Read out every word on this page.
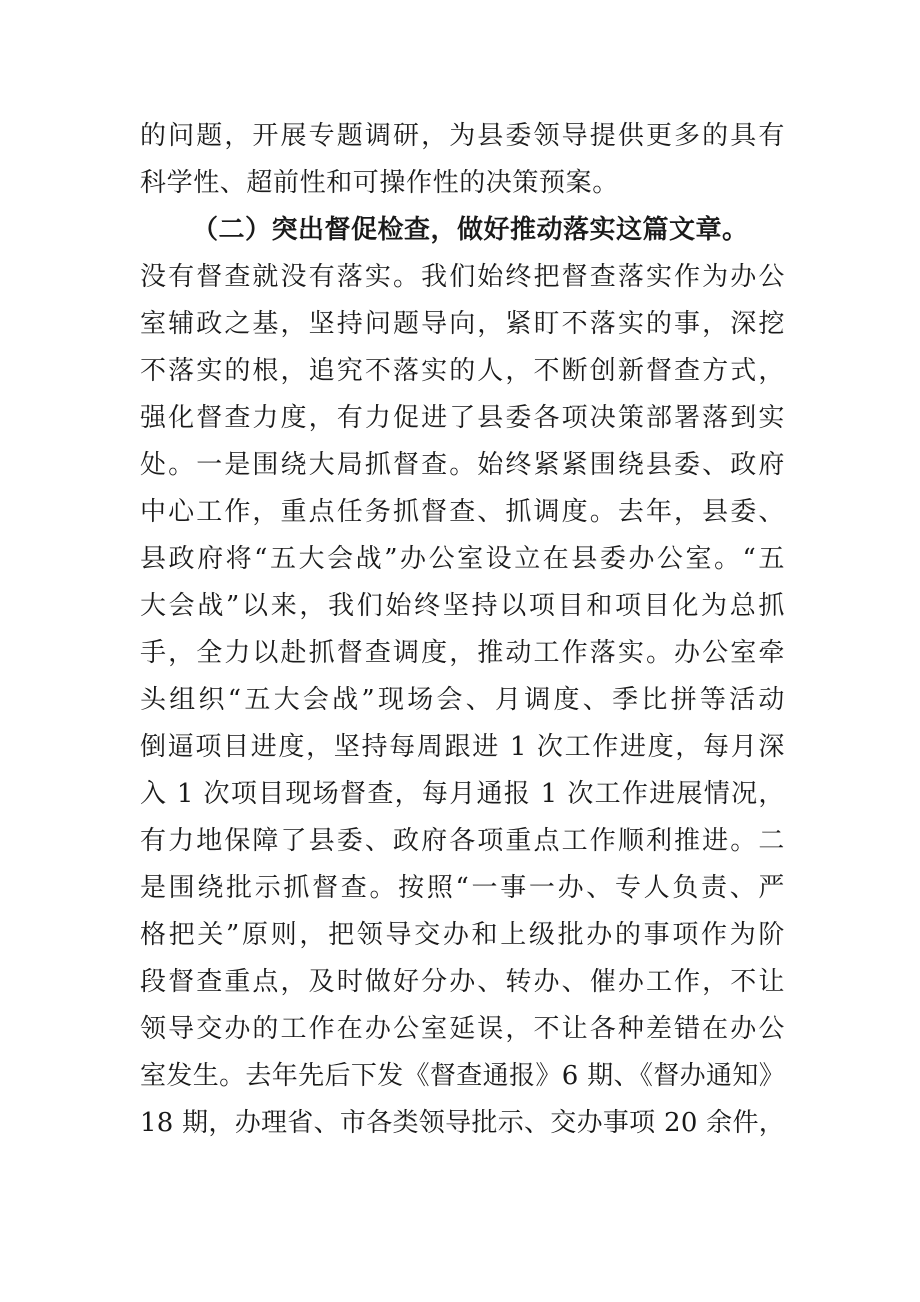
的问题，开展专题调研，为县委领导提供更多的具有
科学性、超前性和可操作性的决策预案。
（二）突出督促检查，做好推动落实这篇文章。
没有督查就没有落实。我们始终把督查落实作为办公
室辅政之基，坚持问题导向，紧盯不落实的事，深挖
不落实的根，追究不落实的人，不断创新督查方式，
强化督查力度，有力促进了县委各项决策部署落到实
处。一是围绕大局抓督查。始终紧紧围绕县委、政府
中心工作，重点任务抓督查、抓调度。去年，县委、
县政府将“五大会战”办公室设立在县委办公室。“五
大会战”以来，我们始终坚持以项目和项目化为总抓
手，全力以赴抓督查调度，推动工作落实。办公室牵
头组织“五大会战”现场会、月调度、季比拼等活动
倒逼项目进度，坚持每周跟进 1 次工作进度，每月深
入 1 次项目现场督查，每月通报 1 次工作进展情况，
有力地保障了县委、政府各项重点工作顺利推进。二
是围绕批示抓督查。按照“一事一办、专人负责、严
格把关”原则，把领导交办和上级批办的事项作为阶
段督查重点，及时做好分办、转办、催办工作，不让
领导交办的工作在办公室延误，不让各种差错在办公
室发生。去年先后下发《督查通报》6 期、《督办通知》
18 期，办理省、市各类领导批示、交办事项 20 余件，
